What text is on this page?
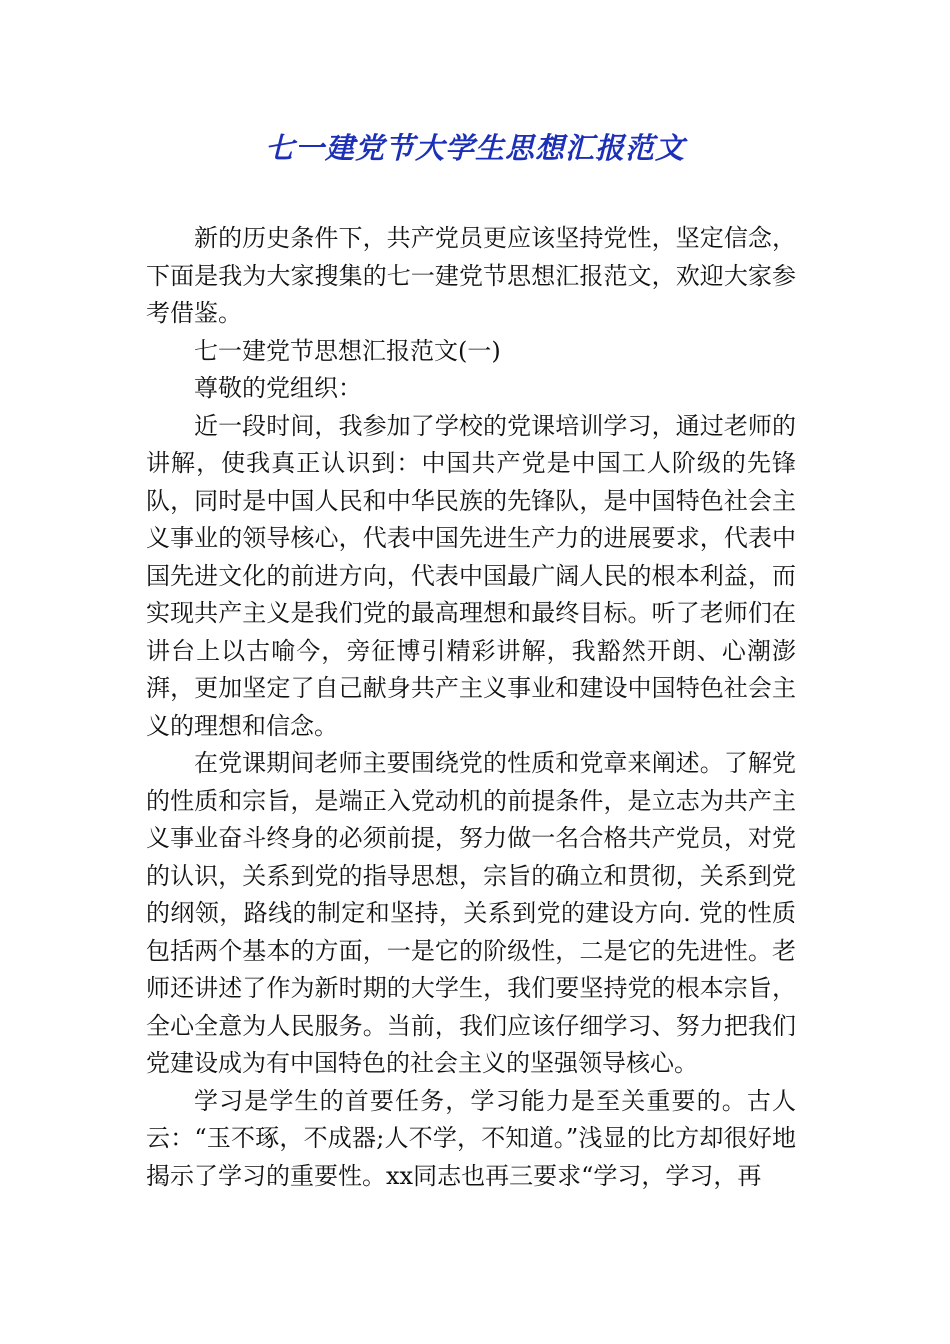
七一建党节大学生思想汇报范文

新的历史条件下，共产党员更应该坚持党性，坚定信念，下面是我为大家搜集的七一建党节思想汇报范文，欢迎大家参考借鉴。

七一建党节思想汇报范文(一)

尊敬的党组织：

近一段时间，我参加了学校的党课培训学习，通过老师的讲解，使我真正认识到：中国共产党是中国工人阶级的先锋队，同时是中国人民和中华民族的先锋队，是中国特色社会主义事业的领导核心，代表中国先进生产力的进展要求，代表中国先进文化的前进方向，代表中国最广阔人民的根本利益，而实现共产主义是我们党的最高理想和最终目标。听了老师们在讲台上以古喻今，旁征博引精彩讲解，我豁然开朗、心潮澎湃，更加坚定了自己献身共产主义事业和建设中国特色社会主义的理想和信念。

在党课期间老师主要围绕党的性质和党章来阐述。了解党的性质和宗旨，是端正入党动机的前提条件，是立志为共产主义事业奋斗终身的必须前提，努力做一名合格共产党员，对党的认识，关系到党的指导思想，宗旨的确立和贯彻，关系到党的纲领，路线的制定和坚持，关系到党的建设方向. 党的性质包括两个基本的方面，一是它的阶级性，二是它的先进性。老师还讲述了作为新时期的大学生，我们要坚持党的根本宗旨，全心全意为人民服务。当前，我们应该仔细学习、努力把我们党建设成为有中国特色的社会主义的坚强领导核心。

学习是学生的首要任务，学习能力是至关重要的。古人云：“玉不琢，不成器;人不学，不知道。”浅显的比方却很好地揭示了学习的重要性。xx同志也再三要求“学习，学习，再
